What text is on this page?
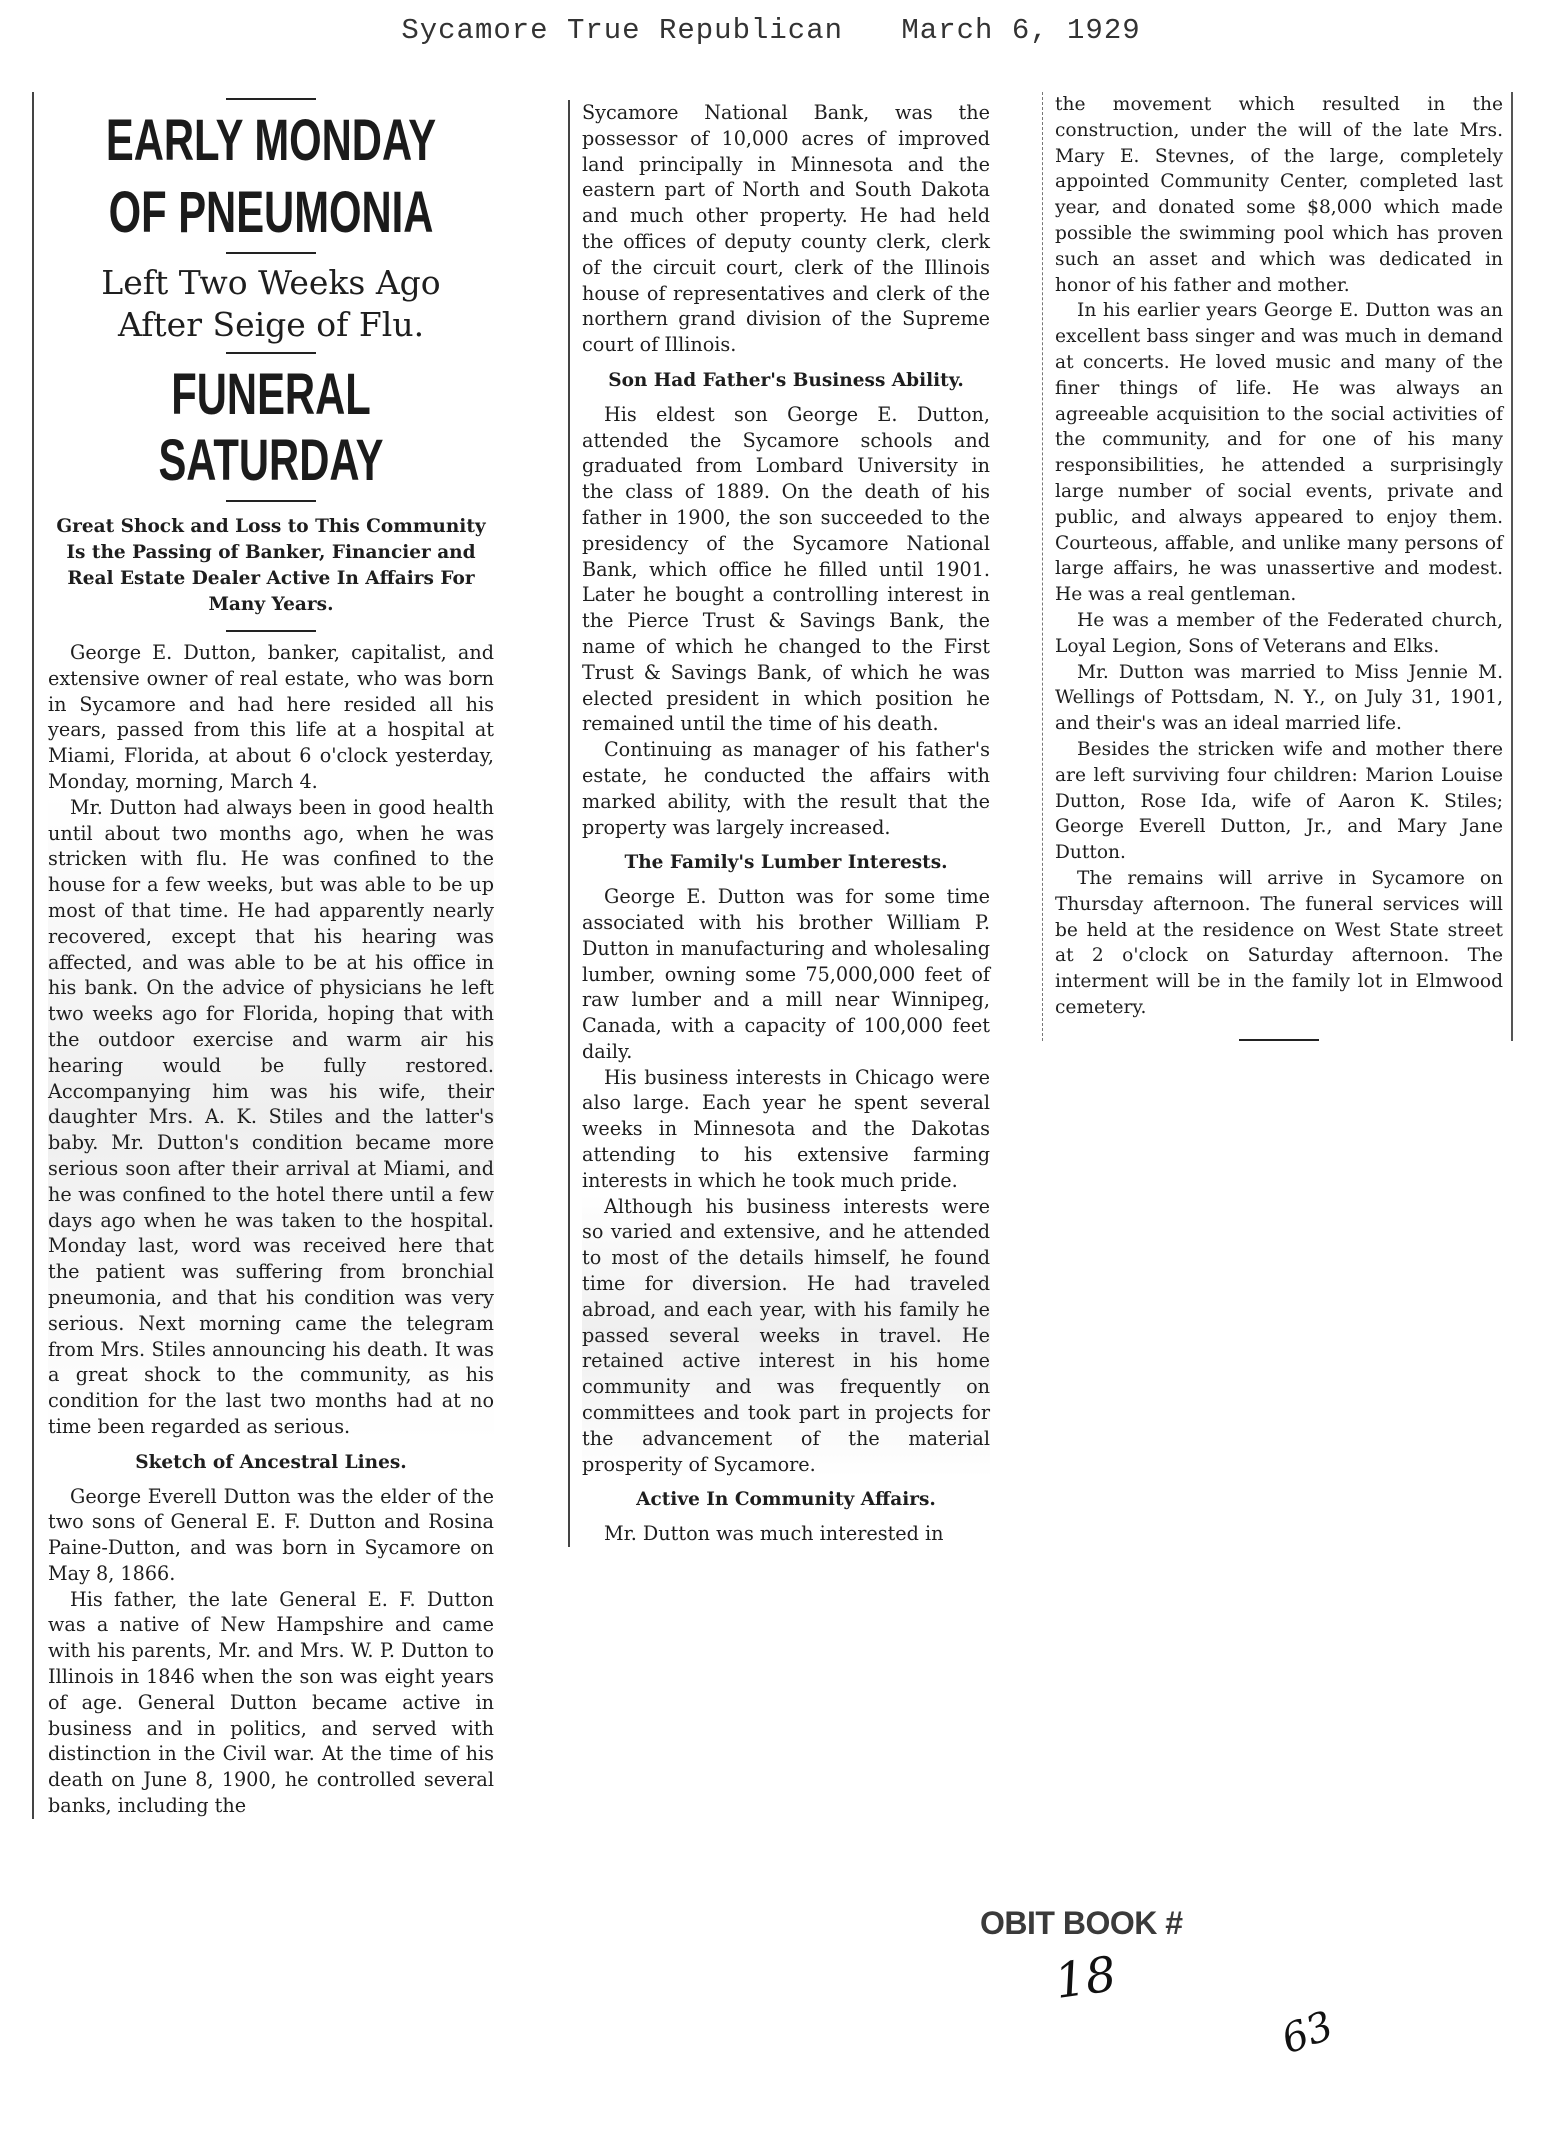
Sycamore True Republican March 6, 1929
EARLY MONDAY
OF PNEUMONIA
Left Two Weeks Ago
After Seige of Flu.
FUNERAL SATURDAY
Great Shock and Loss to This Community Is the Passing of Banker, Financier and Real Estate Dealer Active In Affairs For Many Years.

George E. Dutton, banker, capitalist, and extensive owner of real estate, who was born in Sycamore and had here resided all his years, passed from this life at a hospital at Miami, Florida, at about 6 o'clock yesterday, Monday, morning, March 4.

Mr. Dutton had always been in good health until about two months ago, when he was stricken with flu. He was confined to the house for a few weeks, but was able to be up most of that time. He had apparently nearly recovered, except that his hearing was affected, and was able to be at his office in his bank. On the advice of physicians he left two weeks ago for Florida, hoping that with the outdoor exercise and warm air his hearing would be fully restored. Accompanying him was his wife, their daughter Mrs. A. K. Stiles and the latter's baby. Mr. Dutton's condition became more serious soon after their arrival at Miami, and he was confined to the hotel there until a few days ago when he was taken to the hospital. Monday last, word was received here that the patient was suffering from bronchial pneumonia, and that his condition was very serious. Next morning came the telegram from Mrs. Stiles announcing his death. It was a great shock to the community, as his condition for the last two months had at no time been regarded as serious.

Sketch of Ancestral Lines.

George Everell Dutton was the elder of the two sons of General E. F. Dutton and Rosina Paine-Dutton, and was born in Sycamore on May 8, 1866.

His father, the late General E. F. Dutton was a native of New Hampshire and came with his parents, Mr. and Mrs. W. P. Dutton to Illinois in 1846 when the son was eight years of age. General Dutton became active in business and in politics, and served with distinction in the Civil war. At the time of his death on June 8, 1900, he controlled several banks, including the

Sycamore National Bank, was the possessor of 10,000 acres of improved land principally in Minnesota and the eastern part of North and South Dakota and much other property. He had held the offices of deputy county clerk, clerk of the circuit court, clerk of the Illinois house of representatives and clerk of the northern grand division of the Supreme court of Illinois.

Son Had Father's Business Ability.

His eldest son George E. Dutton, attended the Sycamore schools and graduated from Lombard University in the class of 1889. On the death of his father in 1900, the son succeeded to the presidency of the Sycamore National Bank, which office he filled until 1901. Later he bought a controlling interest in the Pierce Trust & Savings Bank, the name of which he changed to the First Trust & Savings Bank, of which he was elected president in which position he remained until the time of his death.

Continuing as manager of his father's estate, he conducted the affairs with marked ability, with the result that the property was largely increased.

The Family's Lumber Interests.

George E. Dutton was for some time associated with his brother William P. Dutton in manufacturing and wholesaling lumber, owning some 75,000,000 feet of raw lumber and a mill near Winnipeg, Canada, with a capacity of 100,000 feet daily.

His business interests in Chicago were also large. Each year he spent several weeks in Minnesota and the Dakotas attending to his extensive farming interests in which he took much pride.

Although his business interests were so varied and extensive, and he attended to most of the details himself, he found time for diversion. He had traveled abroad, and each year, with his family he passed several weeks in travel. He retained active interest in his home community and was frequently on committees and took part in projects for the advancement of the material prosperity of Sycamore.

Active In Community Affairs.

Mr. Dutton was much interested in

the movement which resulted in the construction, under the will of the late Mrs. Mary E. Stevnes, of the large, completely appointed Community Center, completed last year, and donated some $8,000 which made possible the swimming pool which has proven such an asset and which was dedicated in honor of his father and mother.

In his earlier years George E. Dutton was an excellent bass singer and was much in demand at concerts. He loved music and many of the finer things of life. He was always an agreeable acquisition to the social activities of the community, and for one of his many responsibilities, he attended a surprisingly large number of social events, private and public, and always appeared to enjoy them. Courteous, affable, and unlike many persons of large affairs, he was unassertive and modest. He was a real gentleman.

He was a member of the Federated church, Loyal Legion, Sons of Veterans and Elks.

Mr. Dutton was married to Miss Jennie M. Wellings of Pottsdam, N. Y., on July 31, 1901, and their's was an ideal married life.

Besides the stricken wife and mother there are left surviving four children: Marion Louise Dutton, Rose Ida, wife of Aaron K. Stiles; George Everell Dutton, Jr., and Mary Jane Dutton.

The remains will arrive in Sycamore on Thursday afternoon. The funeral services will be held at the residence on West State street at 2 o'clock on Saturday afternoon. The interment will be in the family lot in Elmwood cemetery.

OBIT BOOK #
18
63
